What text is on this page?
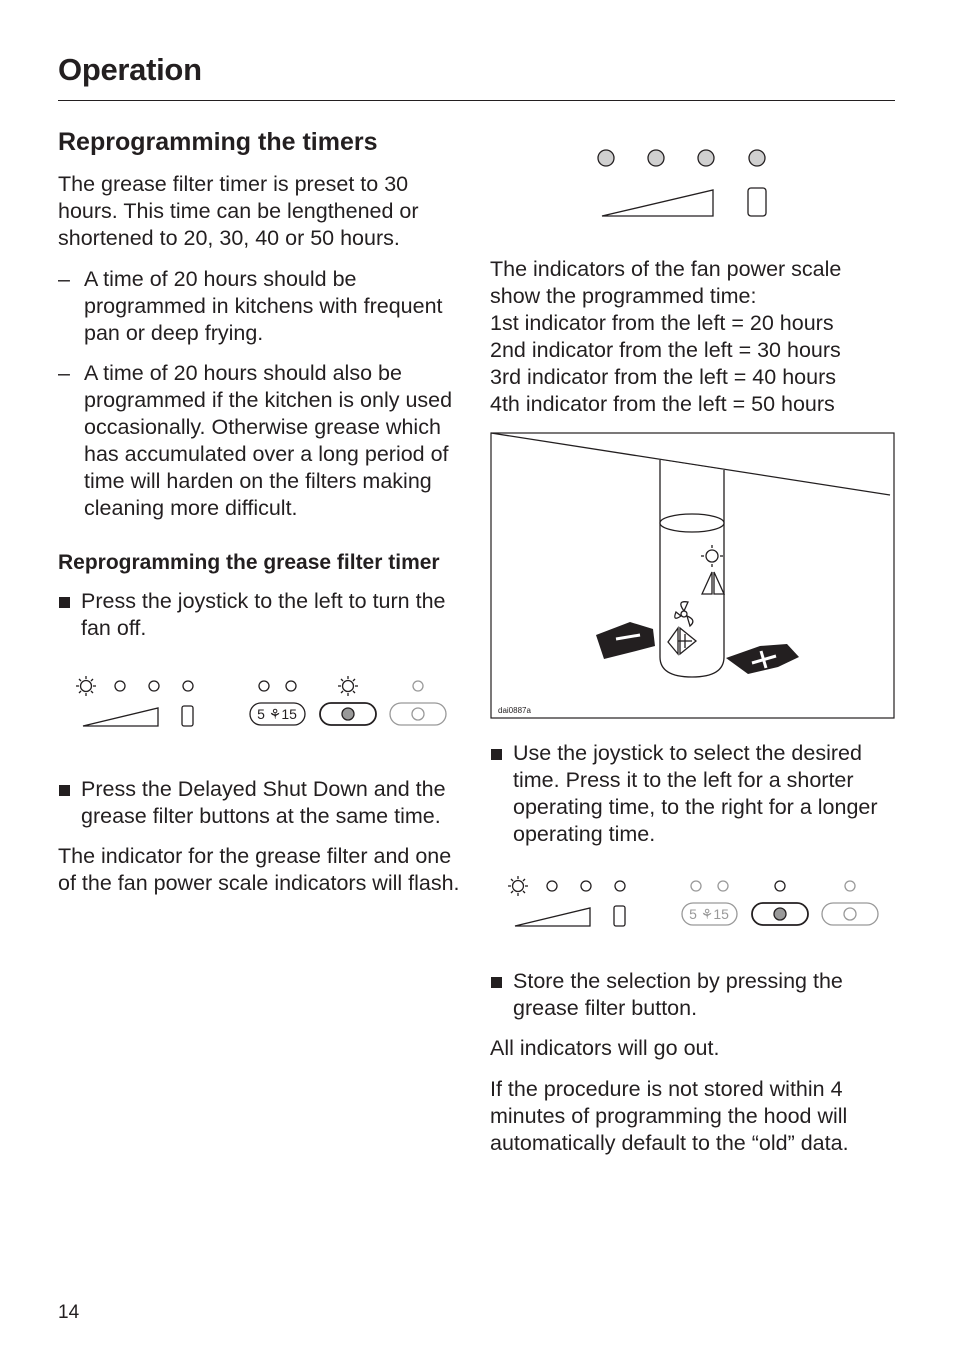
Operation
Reprogramming the timers

The grease filter timer is preset to 30 hours. This time can be lengthened or shortened to 20, 30, 40 or 50 hours.

– A time of 20 hours should be programmed in kitchens with frequent pan or deep frying.
– A time of 20 hours should also be programmed if the kitchen is only used occasionally. Otherwise grease which has accumulated over a long period of time will harden on the filters making cleaning more difficult.
Reprogramming the grease filter timer
Press the joystick to the left to turn the fan off.
5 ⚘15
Press the Delayed Shut Down and the grease filter buttons at the same time.

The indicator for the grease filter and one of the fan power scale indicators will flash.

The indicators of the fan power scale show the programmed time:
1st indicator from the left = 20 hours
2nd indicator from the left = 30 hours
3rd indicator from the left = 40 hours
4th indicator from the left = 50 hours

dai0887a
Use the joystick to select the desired time. Press it to the left for a shorter operating time, to the right for a longer operating time.
5 ⚘15
Store the selection by pressing the grease filter button.

All indicators will go out.

If the procedure is not stored within 4 minutes of programming the hood will automatically default to the “old” data.

14
